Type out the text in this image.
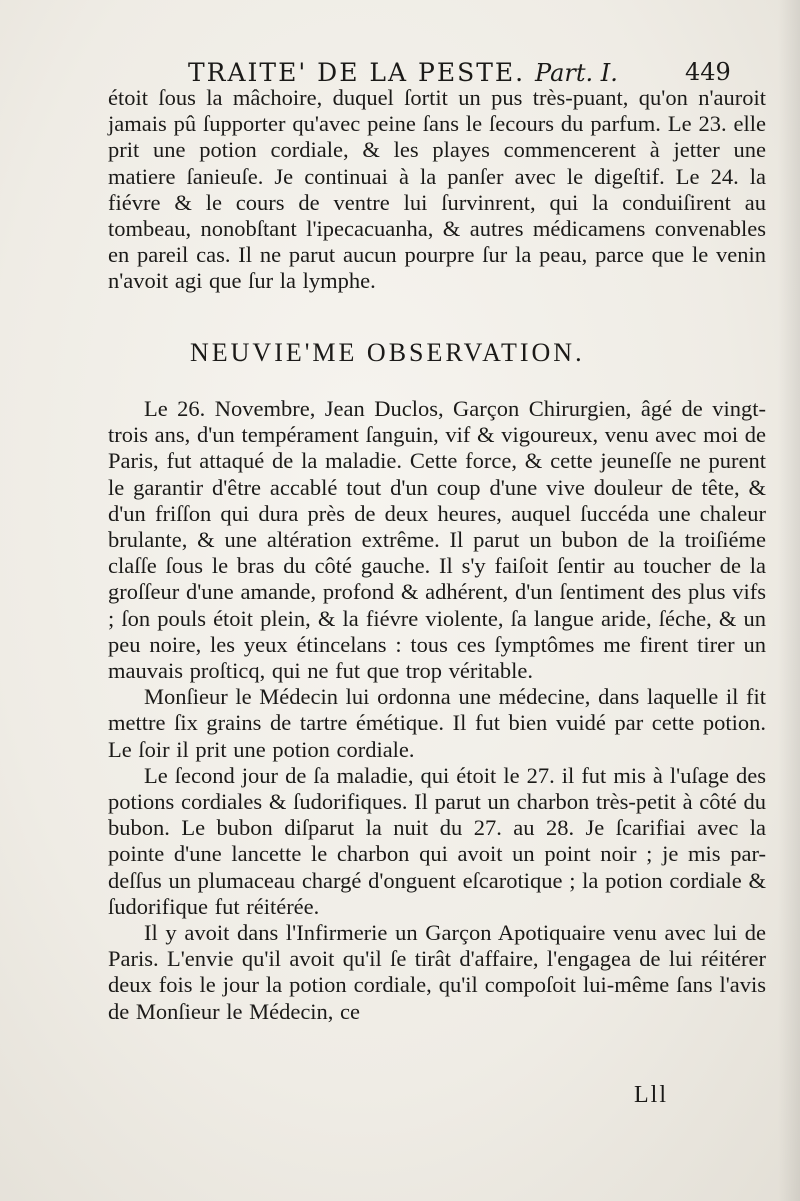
TRAITE' DE LA PESTE. Part. I.	449

étoit ſous la mâchoire, duquel ſortit un pus très-puant, qu'on n'auroit jamais pû ſupporter qu'avec peine ſans le ſecours du parfum. Le 23. elle prit une potion cordiale, & les playes commencerent à jetter une matiere ſanieuſe. Je continuai à la panſer avec le digeſtif. Le 24. la fiévre & le cours de ventre lui ſurvinrent, qui la conduiſirent au tombeau, nonobſtant l'ipecacuanha, & autres médicamens convenables en pareil cas. Il ne parut aucun pourpre ſur la peau, parce que le venin n'avoit agi que ſur la lymphe.

NEUVIE'ME OBSERVATION.

Le 26. Novembre, Jean Duclos, Garçon Chirurgien, âgé de vingt-trois ans, d'un tempérament ſanguin, vif & vigoureux, venu avec moi de Paris, fut attaqué de la maladie. Cette force, & cette jeuneſſe ne purent le garantir d'être accablé tout d'un coup d'une vive douleur de tête, & d'un friſſon qui dura près de deux heures, auquel ſuccéda une chaleur brulante, & une altération extrême. Il parut un bubon de la troiſiéme claſſe ſous le bras du côté gauche. Il s'y faiſoit ſentir au toucher de la groſſeur d'une amande, profond & adhérent, d'un ſentiment des plus vifs ; ſon pouls étoit plein, & la fiévre violente, ſa langue aride, ſéche, & un peu noire, les yeux étincelans : tous ces ſymptômes me firent tirer un mauvais proſticq, qui ne fut que trop véritable.

Monſieur le Médecin lui ordonna une médecine, dans laquelle il fit mettre ſix grains de tartre émétique. Il fut bien vuidé par cette potion. Le ſoir il prit une potion cordiale.

Le ſecond jour de ſa maladie, qui étoit le 27. il fut mis à l'uſage des potions cordiales & ſudorifiques. Il parut un charbon très-petit à côté du bubon. Le bubon diſparut la nuit du 27. au 28. Je ſcarifiai avec la pointe d'une lancette le charbon qui avoit un point noir ; je mis par-deſſus un plumaceau chargé d'onguent eſcarotique ; la potion cordiale & ſudorifique fut réitérée.

Il y avoit dans l'Infirmerie un Garçon Apotiquaire venu avec lui de Paris. L'envie qu'il avoit qu'il ſe tirât d'affaire, l'engagea de lui réitérer deux fois le jour la potion cordiale, qu'il compoſoit lui-même ſans l'avis de Monſieur le Médecin, ce

Lll
